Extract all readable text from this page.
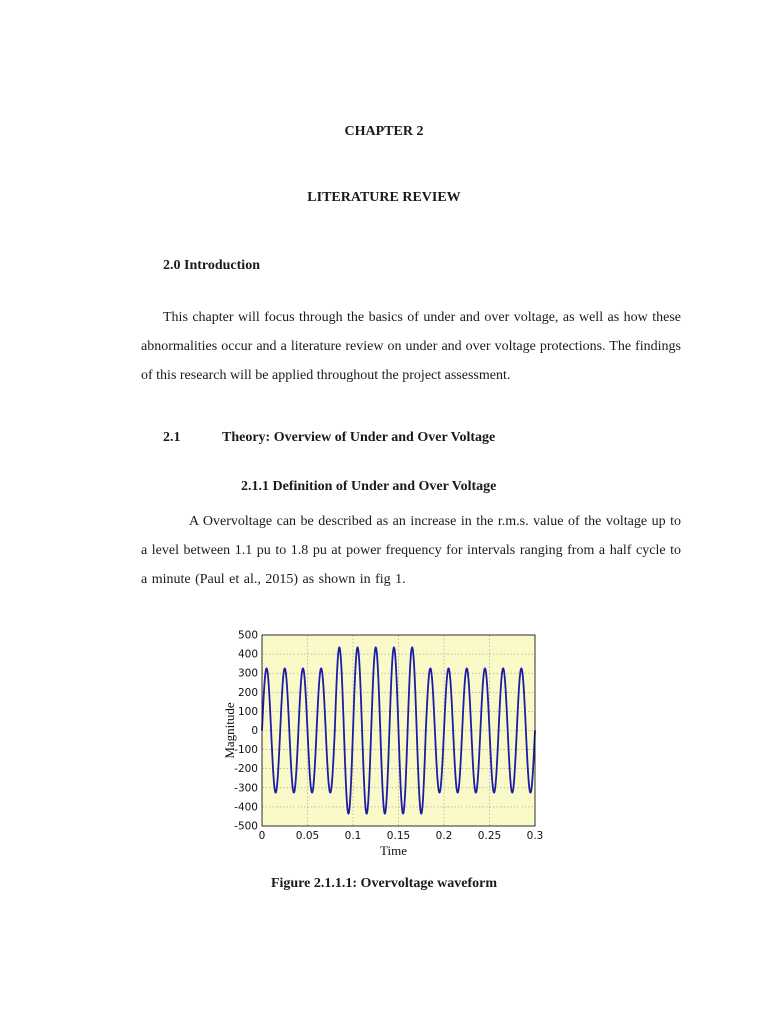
CHAPTER 2
LITERATURE REVIEW
2.0 Introduction
This chapter will focus through the basics of under and over voltage, as well as how these abnormalities occur and a literature review on under and over voltage protections. The findings of this research will be applied throughout the project assessment.
2.1	Theory: Overview of Under and Over Voltage
2.1.1 Definition of Under and Over Voltage
A Overvoltage can be described as an increase in the r.m.s. value of the voltage up to a level between 1.1 pu to 1.8 pu at power frequency for intervals ranging from a half cycle to a minute (Paul et al., 2015) as shown in fig 1.
500
400
300
200
100
0
-100
-200
-300
-400
-500
0	0.05 0.1 0.15 0.2 0.25 0.3
Time
Magnitude
Figure 2.1.1.1: Overvoltage waveform
